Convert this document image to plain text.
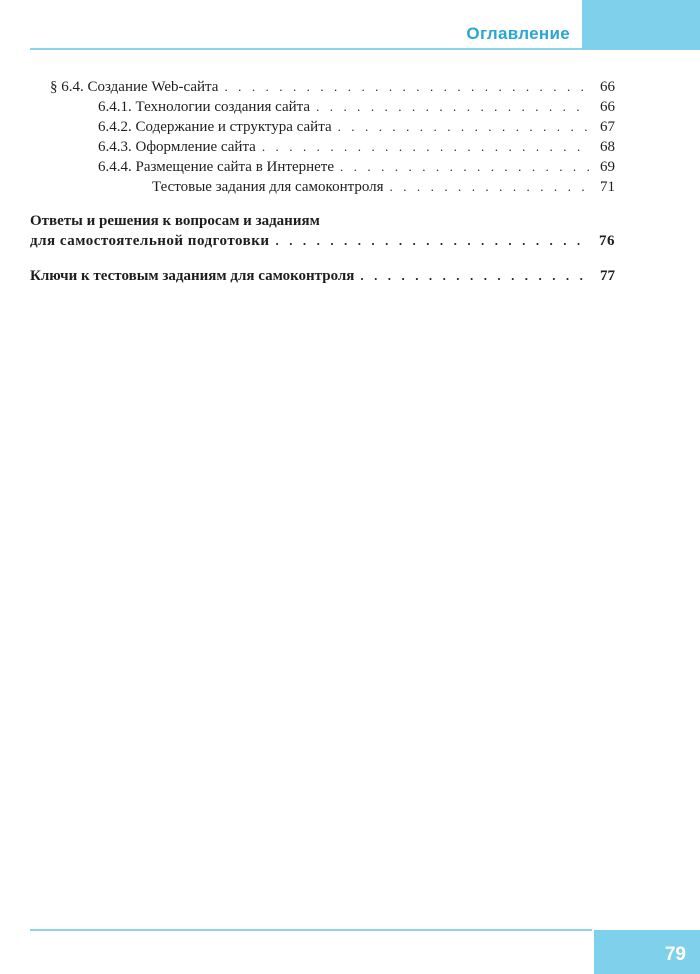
Оглавление
§ 6.4. Создание Web-сайта . . .	66
6.4.1. Технологии создания сайта . . .	66
6.4.2. Содержание и структура сайта . . .	67
6.4.3. Оформление сайта . . .	68
6.4.4. Размещение сайта в Интернете . . .	69
Тестовые задания для самоконтроля . . .	71
Ответы и решения к вопросам и заданиям
для самостоятельной подготовки . . .	76
Ключи к тестовым заданиям для самоконтроля . . .	77

79
